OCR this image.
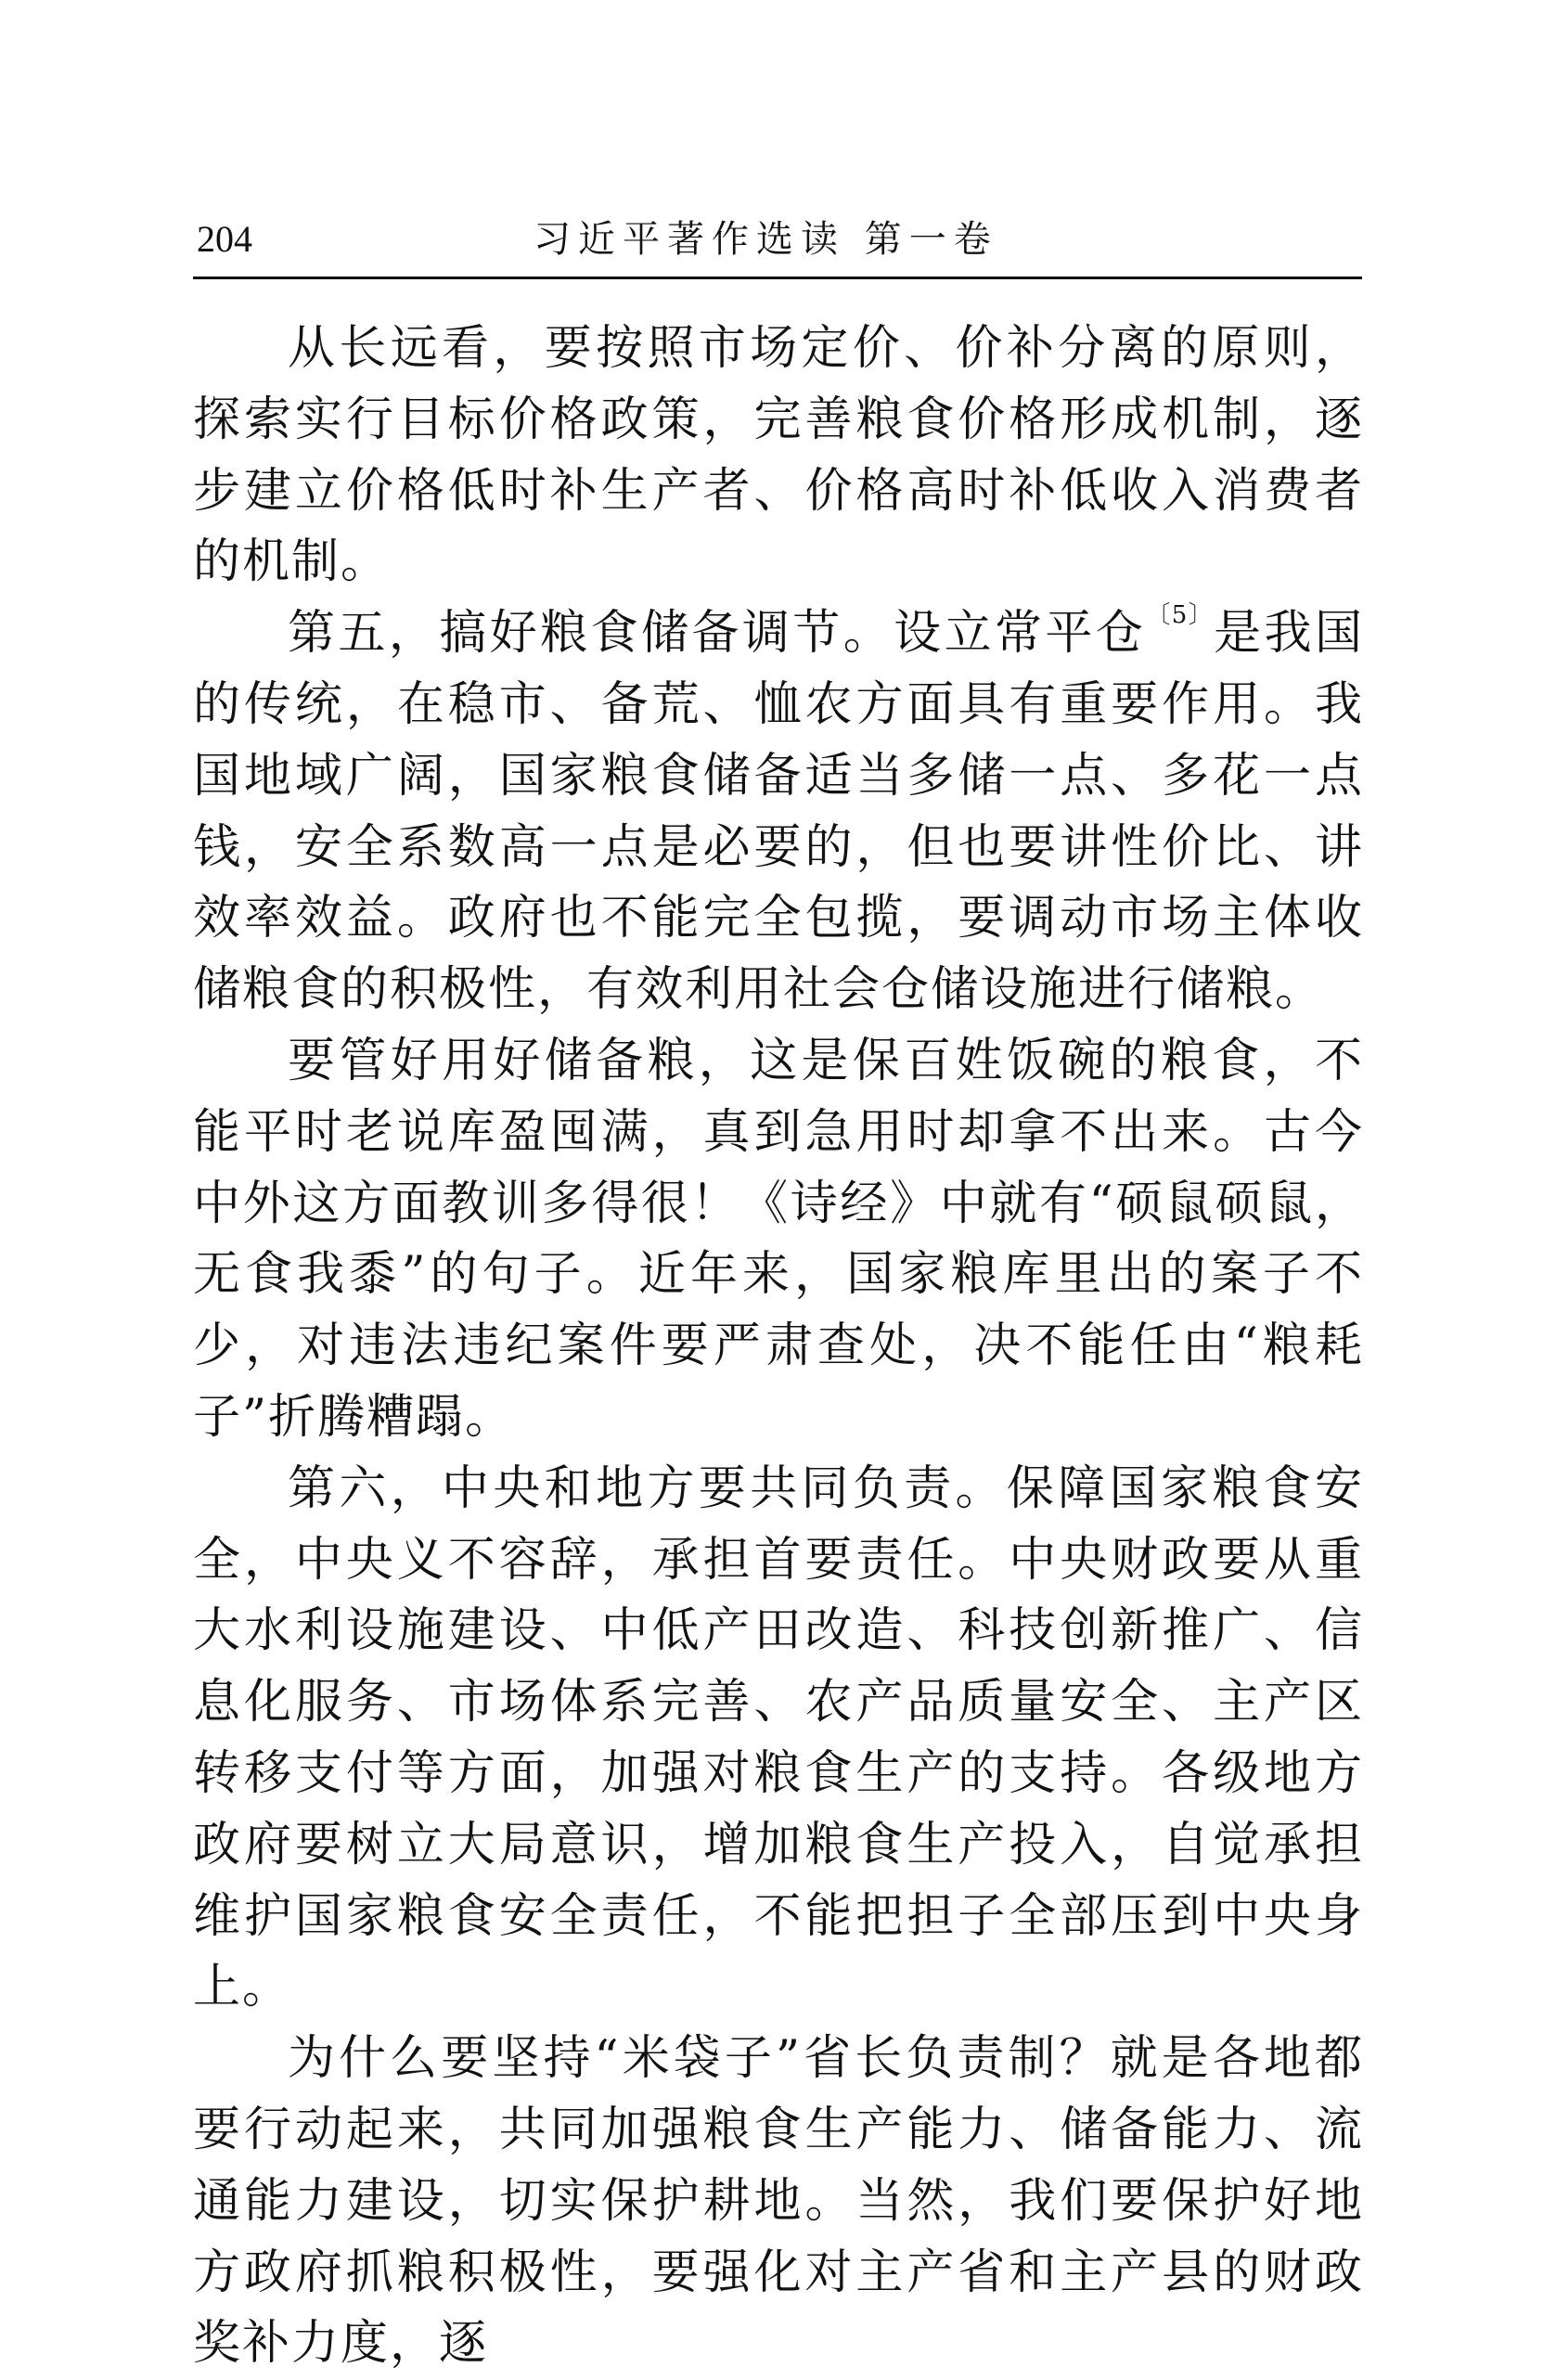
204	习近平著作选读 第一卷

从长远看，要按照市场定价、价补分离的原则，探索实行目标价格政策，完善粮食价格形成机制，逐步建立价格低时补生产者、价格高时补低收入消费者的机制。

第五，搞好粮食储备调节。设立常平仓$^{〔5〕}$是我国的传统，在稳市、备荒、恤农方面具有重要作用。我国地域广阔，国家粮食储备适当多储一点、多花一点钱，安全系数高一点是必要的，但也要讲性价比、讲效率效益。政府也不能完全包揽，要调动市场主体收储粮食的积极性，有效利用社会仓储设施进行储粮。

要管好用好储备粮，这是保百姓饭碗的粮食，不能平时老说库盈囤满，真到急用时却拿不出来。古今中外这方面教训多得很！《诗经》中就有“硕鼠硕鼠，无食我黍”的句子。近年来，国家粮库里出的案子不少，对违法违纪案件要严肃查处，决不能任由“粮耗子”折腾糟蹋。

第六，中央和地方要共同负责。保障国家粮食安全，中央义不容辞，承担首要责任。中央财政要从重大水利设施建设、中低产田改造、科技创新推广、信息化服务、市场体系完善、农产品质量安全、主产区转移支付等方面，加强对粮食生产的支持。各级地方政府要树立大局意识，增加粮食生产投入，自觉承担维护国家粮食安全责任，不能把担子全部压到中央身上。

为什么要坚持“米袋子”省长负责制？就是各地都要行动起来，共同加强粮食生产能力、储备能力、流通能力建设，切实保护耕地。当然，我们要保护好地方政府抓粮积极性，要强化对主产省和主产县的财政奖补力度，逐
